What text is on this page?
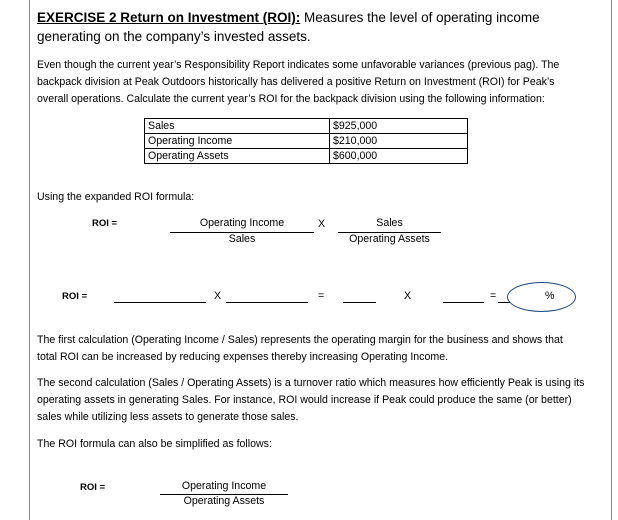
EXERCISE 2 Return on Investment (ROI): Measures the level of operating income generating on the company’s invested assets.
Even though the current year’s Responsibility Report indicates some unfavorable variances (previous pag). The backpack division at Peak Outdoors historically has delivered a positive Return on Investment (ROI) for Peak’s overall operations. Calculate the current year’s ROI for the backpack division using the following information:
Sales	$925,000
Operating Income	$210,000
Operating Assets	$600,000
Using the expanded ROI formula:
ROI =	Operating Income
Sales
X	Sales
Operating Assets
ROI =	X	=	X	=	%
The first calculation (Operating Income / Sales) represents the operating margin for the business and shows that total ROI can be increased by reducing expenses thereby increasing Operating Income.
The second calculation (Sales / Operating Assets) is a turnover ratio which measures how efficiently Peak is using its operating assets in generating Sales. For instance, ROI would increase if Peak could produce the same (or better) sales while utilizing less assets to generate those sales.
The ROI formula can also be simplified as follows:
ROI =	Operating Income
Operating Assets
